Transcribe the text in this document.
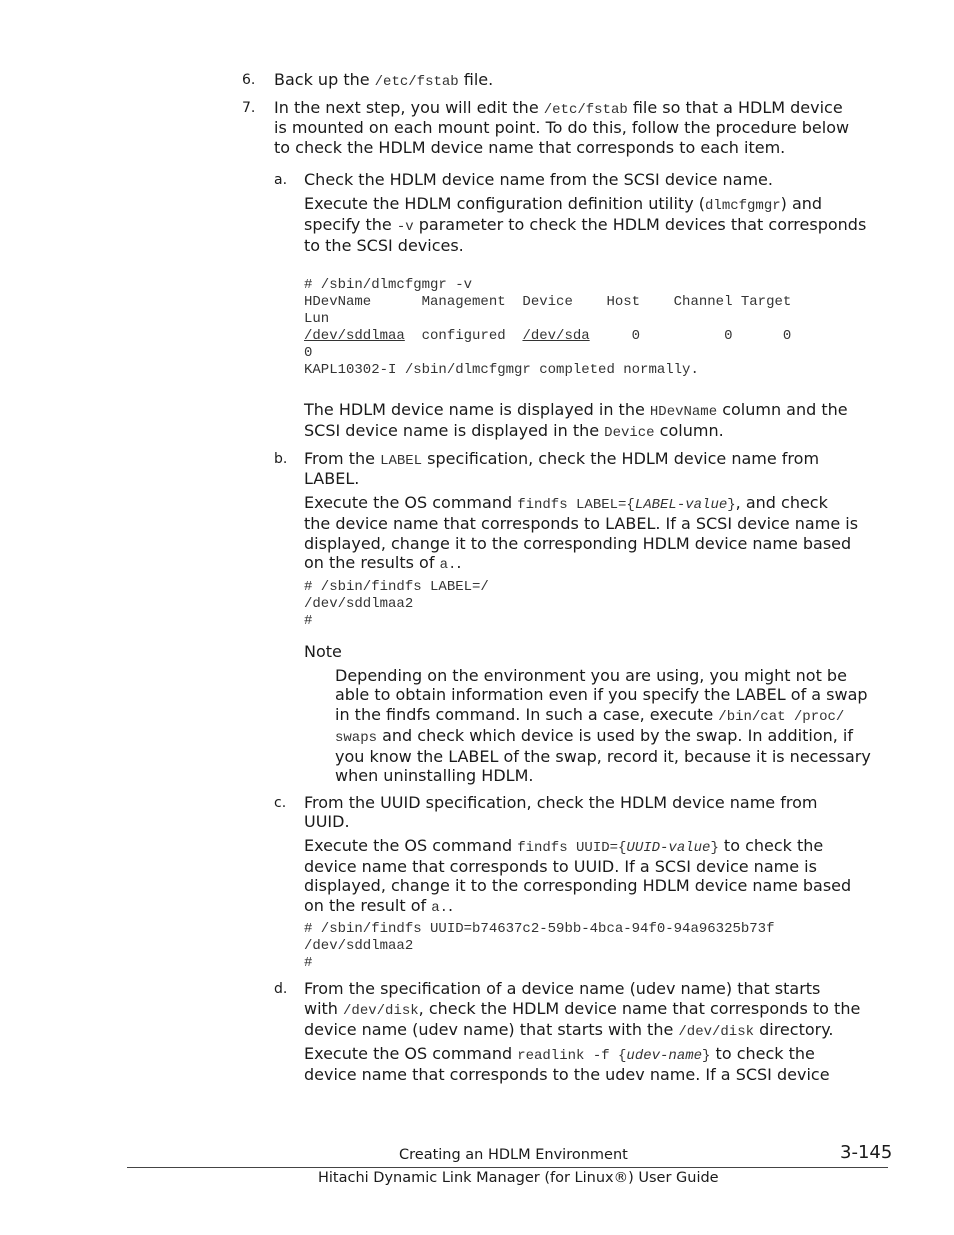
6. Back up the /etc/fstab file.

7. In the next step, you will edit the /etc/fstab file so that a HDLM device

is mounted on each mount point. To do this, follow the procedure below

to check the HDLM device name that corresponds to each item.

a. Check the HDLM device name from the SCSI device name.

Execute the HDLM configuration definition utility (dlmcfgmgr) and

specify the -v parameter to check the HDLM devices that corresponds

to the SCSI devices.

# /sbin/dlmcfgmgr -v
HDevName      Management  Device    Host    Channel Target
Lun
/dev/sddlmaa  configured  /dev/sda     0          0      0
0
KAPL10302-I /sbin/dlmcfgmgr completed normally.

The HDLM device name is displayed in the HDevName column and the

SCSI device name is displayed in the Device column.

b. From the LABEL specification, check the HDLM device name from

LABEL.

Execute the OS command findfs LABEL={LABEL-value}, and check

the device name that corresponds to LABEL. If a SCSI device name is

displayed, change it to the corresponding HDLM device name based

on the results of a..

# /sbin/findfs LABEL=/
/dev/sddlmaa2
#

Note

Depending on the environment you are using, you might not be

able to obtain information even if you specify the LABEL of a swap

in the findfs command. In such a case, execute /bin/cat /proc/

swaps and check which device is used by the swap. In addition, if

you know the LABEL of the swap, record it, because it is necessary

when uninstalling HDLM.

c. From the UUID specification, check the HDLM device name from

UUID.

Execute the OS command findfs UUID={UUID-value} to check the

device name that corresponds to UUID. If a SCSI device name is

displayed, change it to the corresponding HDLM device name based

on the result of a..

# /sbin/findfs UUID=b74637c2-59bb-4bca-94f0-94a96325b73f
/dev/sddlmaa2
#
d. From the specification of a device name (udev name) that starts

with /dev/disk, check the HDLM device name that corresponds to the

device name (udev name) that starts with the /dev/disk directory.

Execute the OS command readlink -f {udev-name} to check the

device name that corresponds to the udev name. If a SCSI device

Creating an HDLM Environment	3-145
Hitachi Dynamic Link Manager (for Linux®) User Guide
